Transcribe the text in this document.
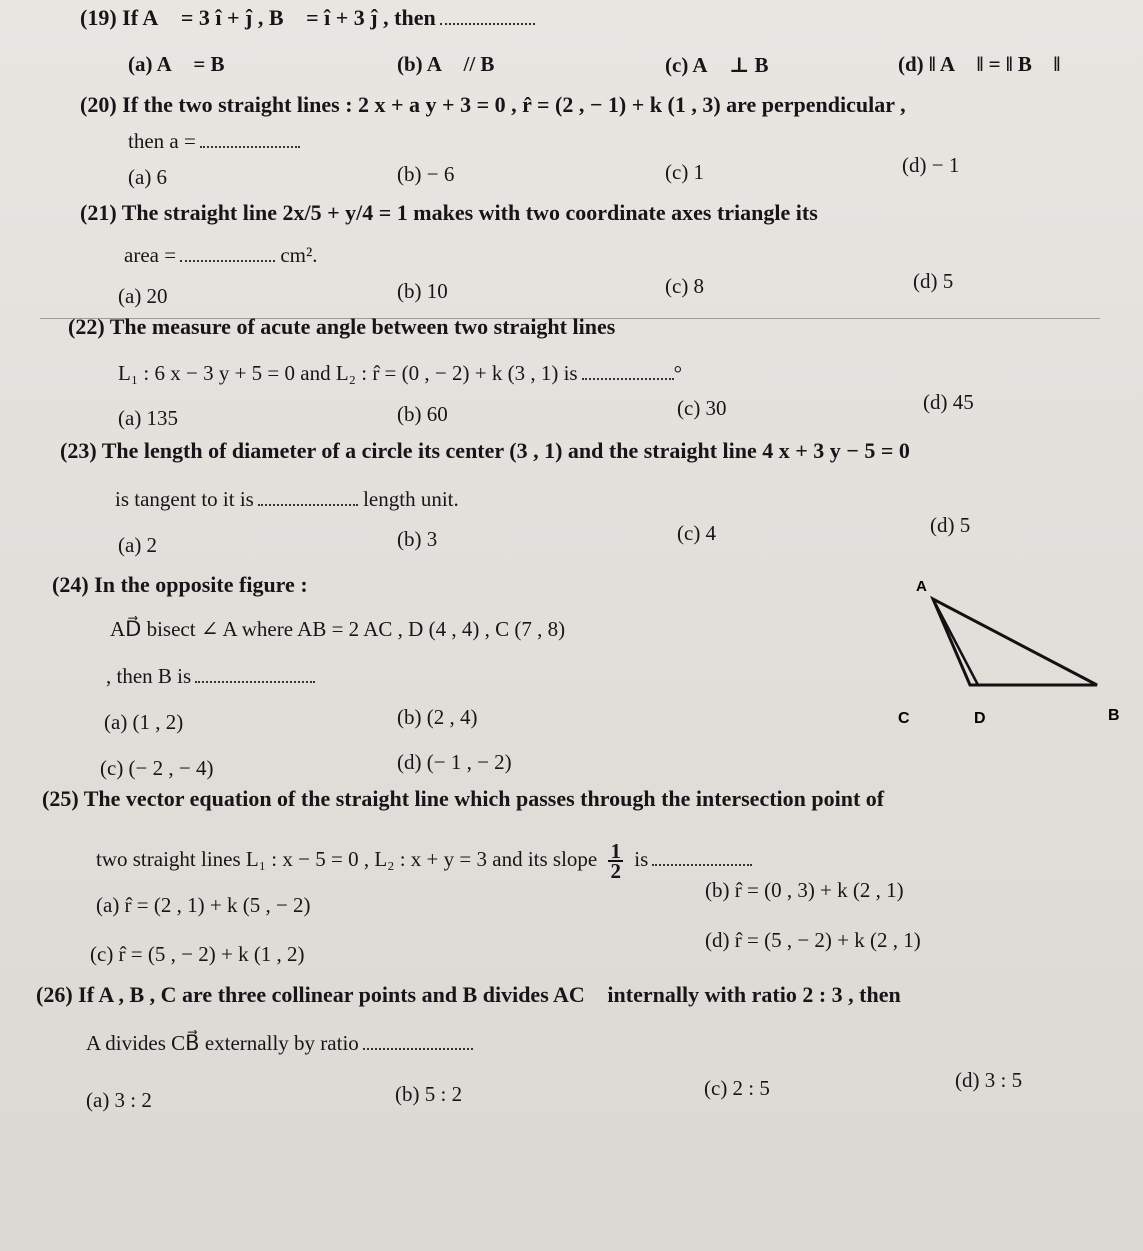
(19) If A⃗ = 3 î + ĵ , B⃗ = î + 3 ĵ , then
(a) A⃗ = B⃗	(b) A⃗ // B⃗	(c) A⃗ ⊥ B⃗	(d) ‖ A⃗ ‖ = ‖ B⃗ ‖
(20) If the two straight lines : 2 x + a y + 3 = 0 , r̂ = (2 , − 1) + k (1 , 3) are perpendicular ,
then a =
(a) 6	(b) − 6	(c) 1	(d) − 1
(21) The straight line 2x/5 + y/4 = 1 makes with two coordinate axes triangle its
area =	cm².
(a) 20	(b) 10	(c) 8	(d) 5
(22) The measure of acute angle between two straight lines
L₁ : 6 x − 3 y + 5 = 0 and L₂ : r̂ = (0 , − 2) + k (3 , 1) is	°
(a) 135	(b) 60	(c) 30	(d) 45
(23) The length of diameter of a circle its center (3 , 1) and the straight line 4 x + 3 y − 5 = 0
is tangent to it is	length unit.
(a) 2	(b) 3	(c) 4	(d) 5
(24) In the opposite figure :
AD⃗ bisect ∠ A where AB = 2 AC , D (4 , 4) , C (7 , 8)
, then B is
(a) (1 , 2)	(b) (2 , 4)
(c) (− 2 , − 4)	(d) (− 1 , − 2)
A
C	D	B
(25) The vector equation of the straight line which passes through the intersection point of
two straight lines L₁ : x − 5 = 0 , L₂ : x + y = 3 and its slope $\frac{1}{2}$ is
(a) r̂ = (2 , 1) + k (5 , − 2)
(b) r̂ = (0 , 3) + k (2 , 1)
(c) r̂ = (5 , − 2) + k (1 , 2)
(d) r̂ = (5 , − 2) + k (2 , 1)
(26) If A , B , C are three collinear points and B divides AC⃗ internally with ratio 2 : 3 , then
A divides CB⃗ externally by ratio
(a) 3 : 2	(b) 5 : 2	(c) 2 : 5	(d) 3 : 5
